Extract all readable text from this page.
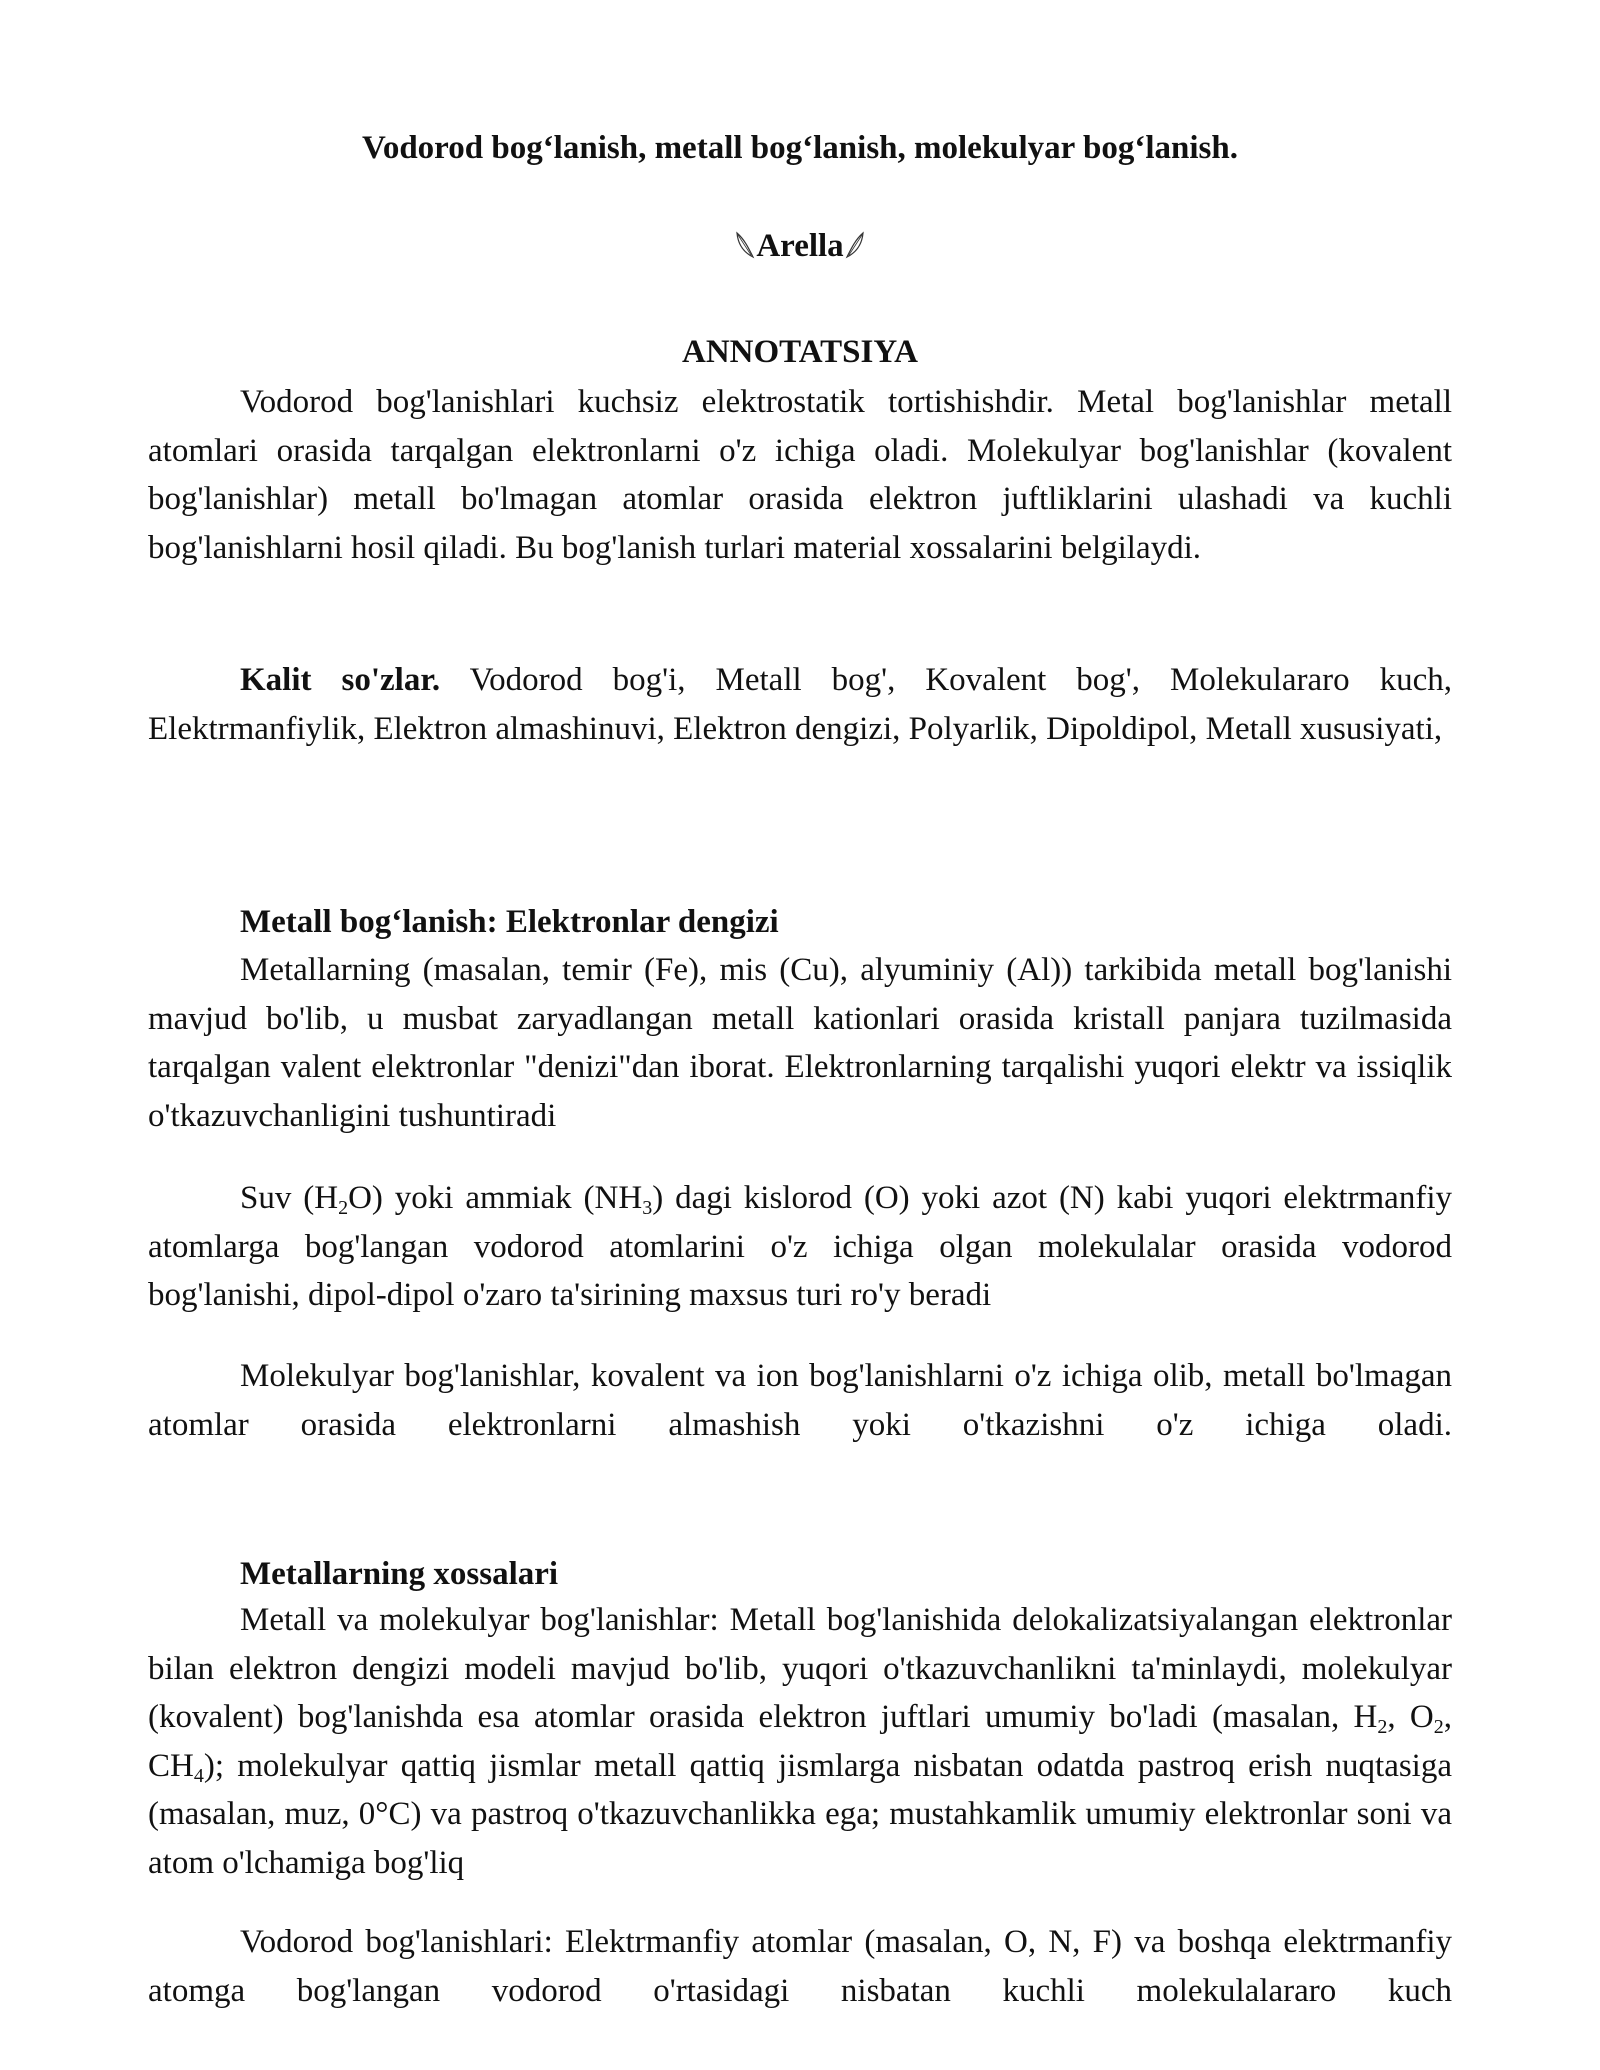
Vodorod bog‘lanish, metall bog‘lanish, molekulyar bog‘lanish.
Arella
ANNOTATSIYA
Vodorod bog'lanishlari kuchsiz elektrostatik tortishishdir. Metal bog'lanishlar metall atomlari orasida tarqalgan elektronlarni o'z ichiga oladi. Molekulyar bog'lanishlar (kovalent bog'lanishlar) metall bo'lmagan atomlar orasida elektron juftliklarini ulashadi va kuchli bog'lanishlarni hosil qiladi. Bu bog'lanish turlari material xossalarini belgilaydi.
Kalit so'zlar. Vodorod bog'i, Metall bog', Kovalent bog', Molekulararo kuch, Elektrmanfiylik, Elektron almashinuvi, Elektron dengizi, Polyarlik, Dipoldipol, Metall xususiyati,
Metall bog‘lanish: Elektronlar dengizi
Metallarning (masalan, temir (Fe), mis (Cu), alyuminiy (Al)) tarkibida metall bog'lanishi mavjud bo'lib, u musbat zaryadlangan metall kationlari orasida kristall panjara tuzilmasida tarqalgan valent elektronlar "denizi"dan iborat. Elektronlarning tarqalishi yuqori elektr va issiqlik o'tkazuvchanligini tushuntiradi
Suv $(H_2O)$ yoki ammiak $(NH_3)$ dagi kislorod (O) yoki azot (N) kabi yuqori elektrmanfiy atomlarga bog'langan vodorod atomlarini o'z ichiga olgan molekulalar orasida vodorod bog'lanishi, dipol-dipol o'zaro ta'sirining maxsus turi ro'y beradi
Molekulyar bog'lanishlar, kovalent va ion bog'lanishlarni o'z ichiga olib, metall bo'lmagan atomlar orasida elektronlarni almashish yoki o'tkazishni o'z ichiga oladi.
Metallarning xossalari
Metall va molekulyar bog'lanishlar: Metall bog'lanishida delokalizatsiyalangan elektronlar bilan elektron dengizi modeli mavjud bo'lib, yuqori o'tkazuvchanlikni ta'minlaydi, molekulyar (kovalent) bog'lanishda esa atomlar orasida elektron juftlari umumiy bo'ladi (masalan, $H_2$, $O_2$, $CH_4$); molekulyar qattiq jismlar metall qattiq jismlarga nisbatan odatda pastroq erish nuqtasiga (masalan, muz, 0°C) va pastroq o'tkazuvchanlikka ega; mustahkamlik umumiy elektronlar soni va atom o'lchamiga bog'liq
Vodorod bog'lanishlari: Elektrmanfiy atomlar (masalan, O, N, F) va boshqa elektrmanfiy atomga bog'langan vodorod o'rtasidagi nisbatan kuchli molekulalararo kuch
